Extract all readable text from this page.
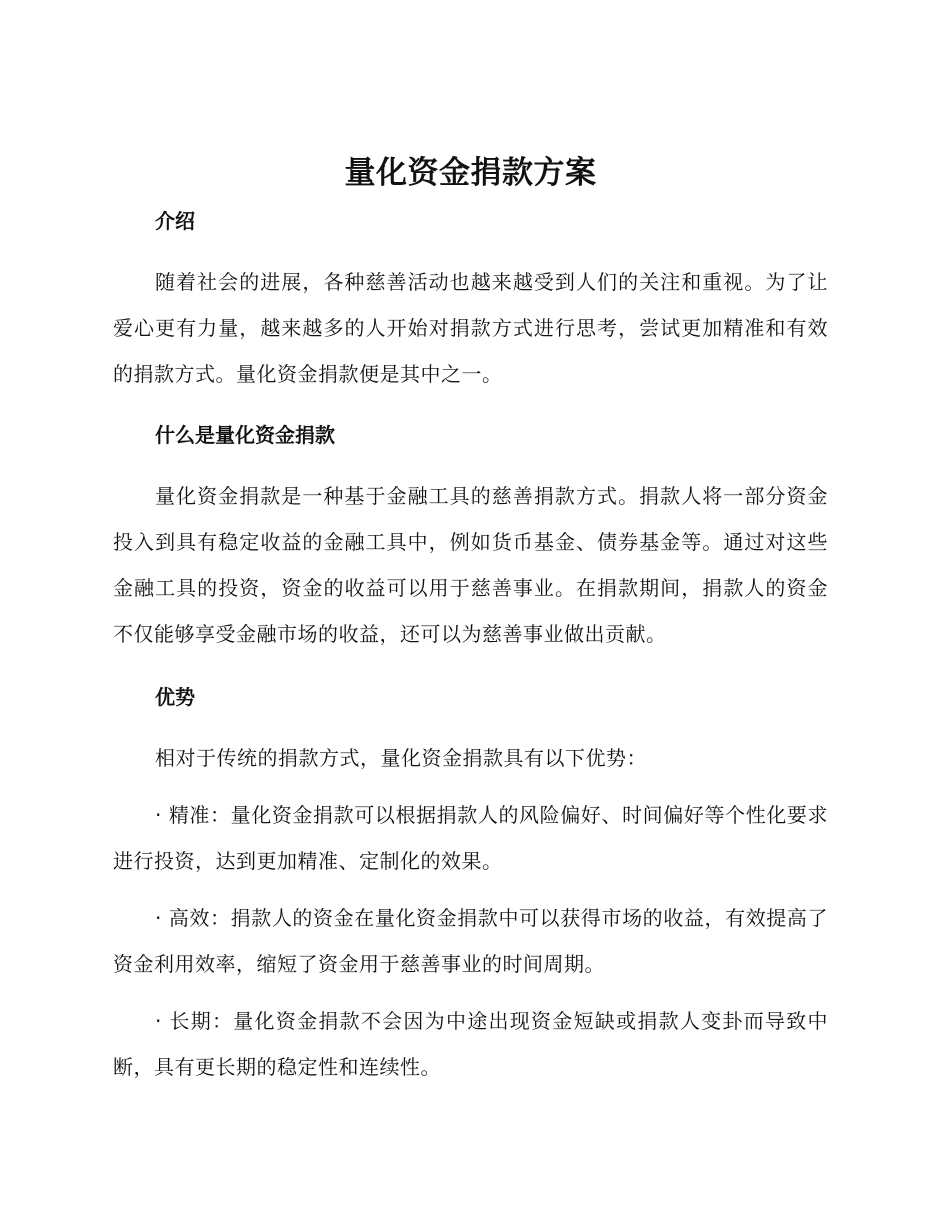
量化资金捐款方案
介绍

随着社会的进展，各种慈善活动也越来越受到人们的关注和重视。为了让爱心更有力量，越来越多的人开始对捐款方式进行思考，尝试更加精准和有效的捐款方式。量化资金捐款便是其中之一。

什么是量化资金捐款

量化资金捐款是一种基于金融工具的慈善捐款方式。捐款人将一部分资金投入到具有稳定收益的金融工具中，例如货币基金、债券基金等。通过对这些金融工具的投资，资金的收益可以用于慈善事业。在捐款期间，捐款人的资金不仅能够享受金融市场的收益，还可以为慈善事业做出贡献。

优势

相对于传统的捐款方式，量化资金捐款具有以下优势：

· 精准：量化资金捐款可以根据捐款人的风险偏好、时间偏好等个性化要求进行投资，达到更加精准、定制化的效果。

· 高效：捐款人的资金在量化资金捐款中可以获得市场的收益，有效提高了资金利用效率，缩短了资金用于慈善事业的时间周期。

· 长期：量化资金捐款不会因为中途出现资金短缺或捐款人变卦而导致中断，具有更长期的稳定性和连续性。
